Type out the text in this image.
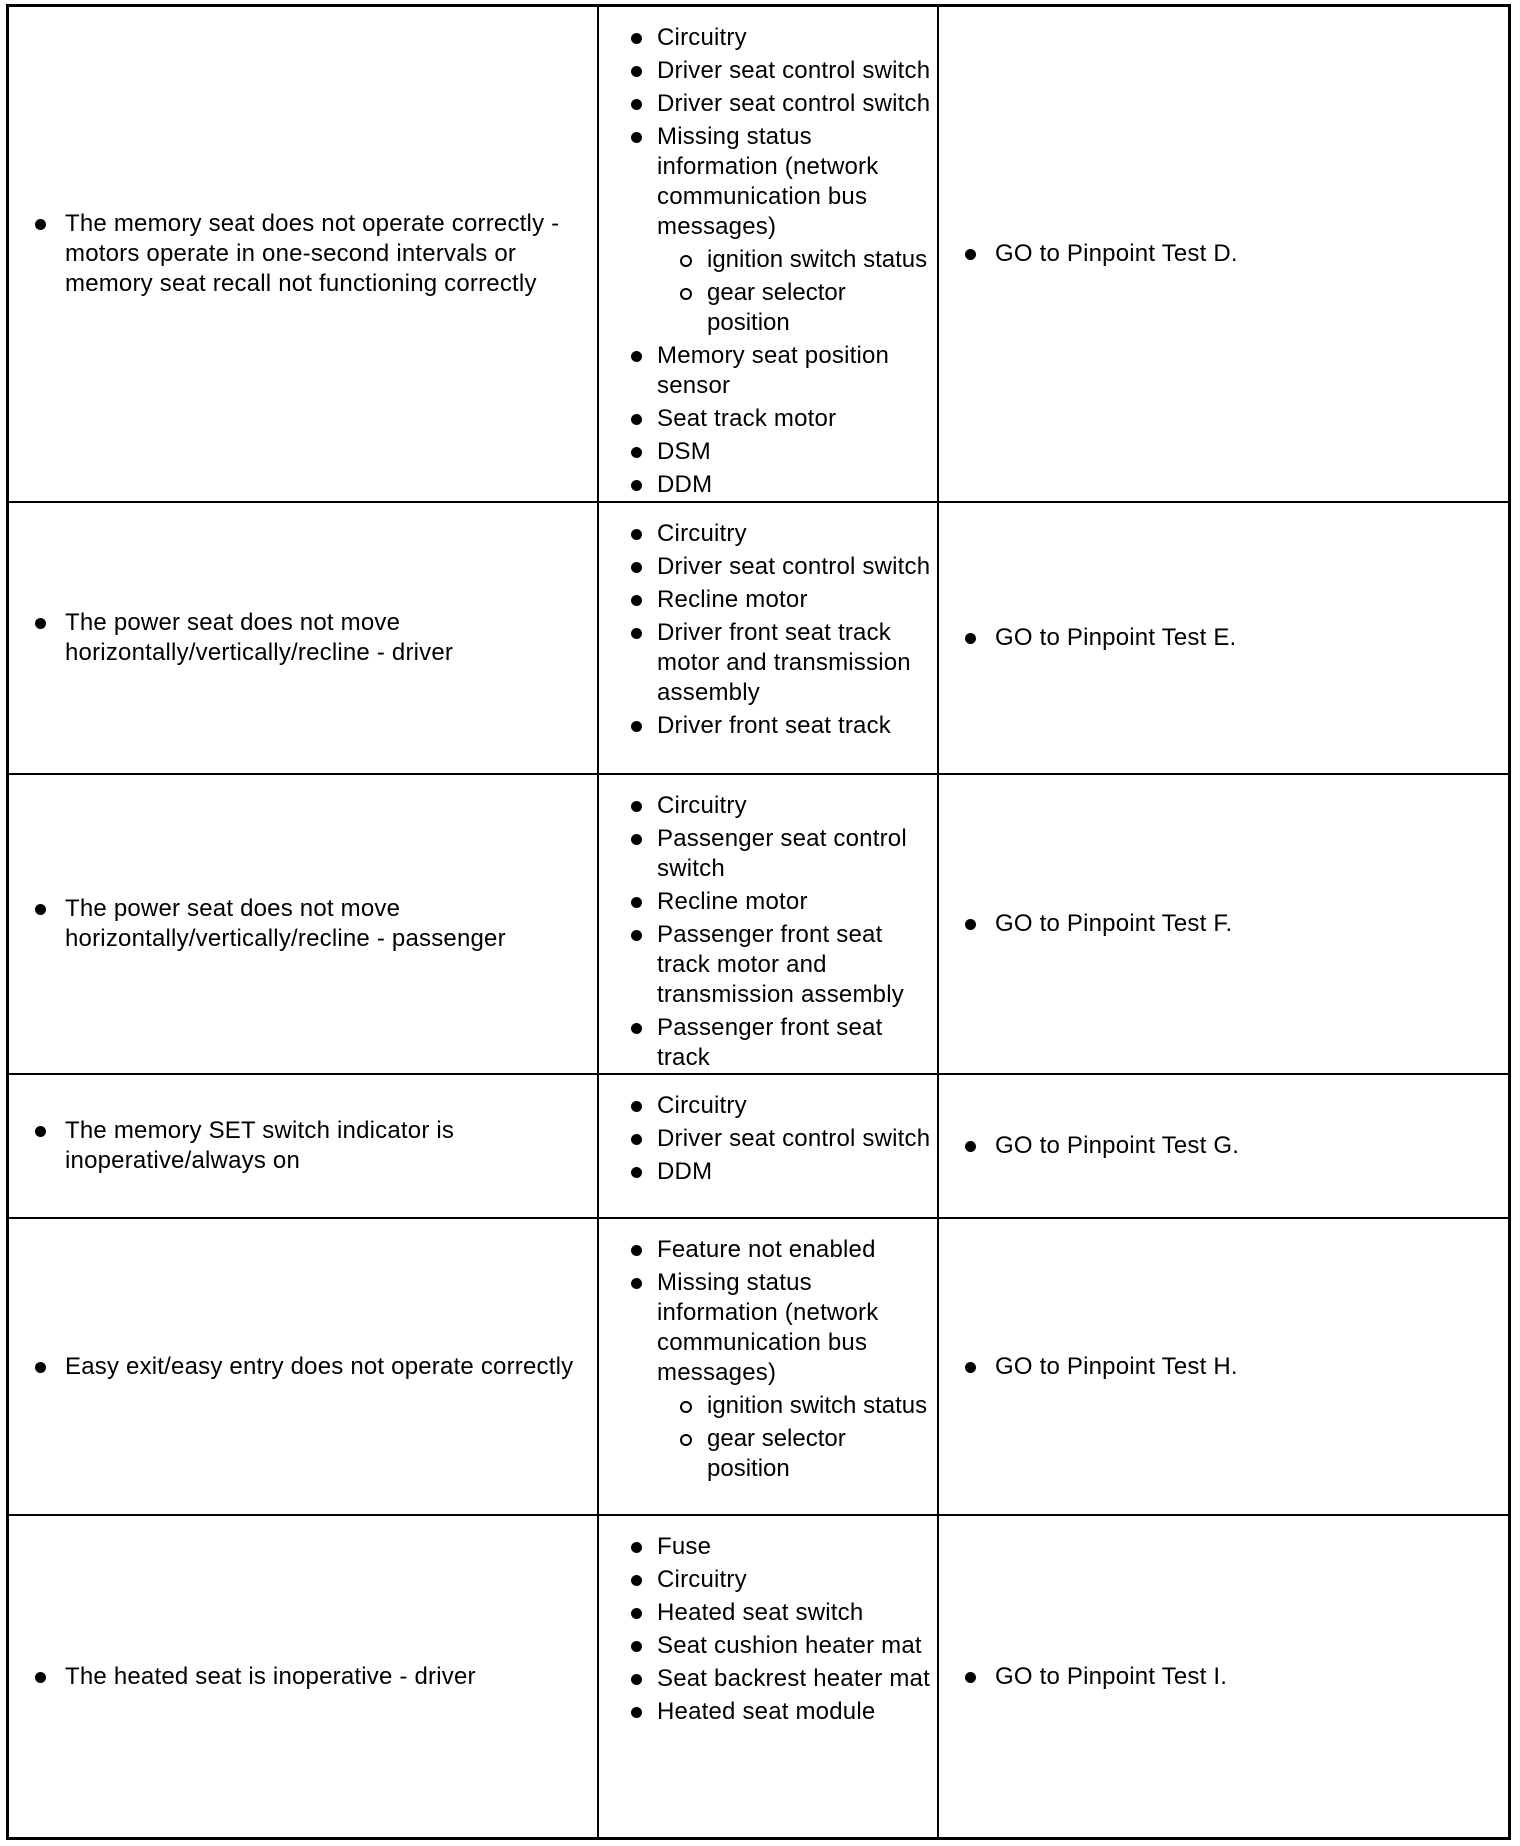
The memory seat does not operate correctly - motors operate in one-second intervals or memory seat recall not functioning correctly
Circuitry
Driver seat control switch
Driver seat control switch
Missing status information (network communication bus messages)
ignition switch status
gear selector position
Memory seat position sensor
Seat track motor
DSM
DDM
GO to Pinpoint Test D.
The power seat does not move horizontally/vertically/recline - driver
Circuitry
Driver seat control switch
Recline motor
Driver front seat track motor and transmission assembly
Driver front seat track
GO to Pinpoint Test E.
The power seat does not move horizontally/vertically/recline - passenger
Circuitry
Passenger seat control switch
Recline motor
Passenger front seat track motor and transmission assembly
Passenger front seat track
GO to Pinpoint Test F.
The memory SET switch indicator is inoperative/always on
Circuitry
Driver seat control switch
DDM
GO to Pinpoint Test G.
Easy exit/easy entry does not operate correctly
Feature not enabled
Missing status information (network communication bus messages)
ignition switch status
gear selector position
GO to Pinpoint Test H.
The heated seat is inoperative - driver
Fuse
Circuitry
Heated seat switch
Seat cushion heater mat
Seat backrest heater mat
Heated seat module
GO to Pinpoint Test I.
